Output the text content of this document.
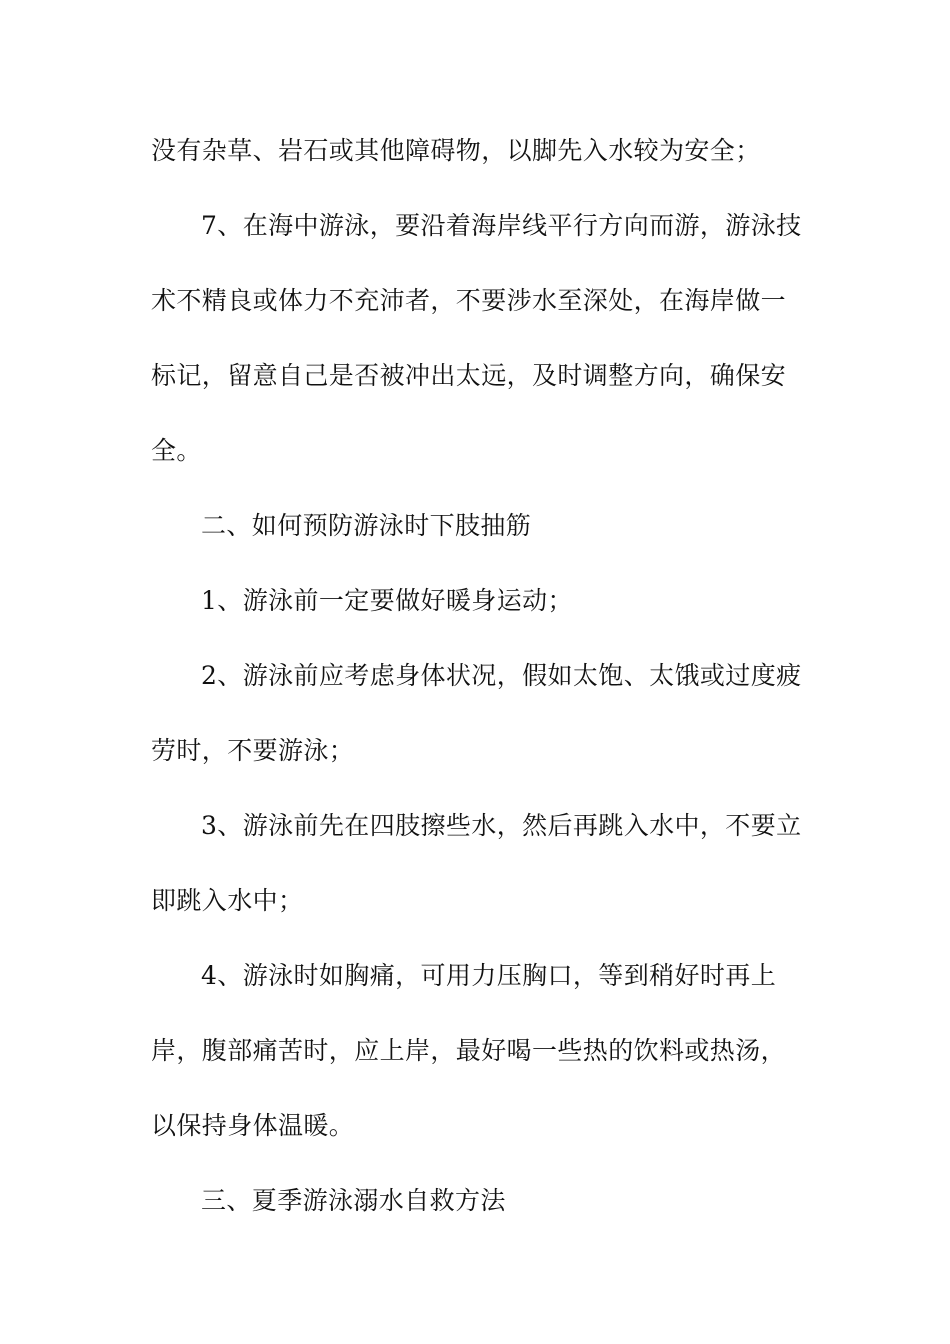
没有杂草、岩石或其他障碍物，以脚先入水较为安全；
7、在海中游泳，要沿着海岸线平行方向而游，游泳技
术不精良或体力不充沛者，不要涉水至深处，在海岸做一
标记，留意自己是否被冲出太远，及时调整方向，确保安
全。
二、如何预防游泳时下肢抽筋
1、游泳前一定要做好暖身运动；
2、游泳前应考虑身体状况，假如太饱、太饿或过度疲
劳时，不要游泳；
3、游泳前先在四肢擦些水，然后再跳入水中，不要立
即跳入水中；
4、游泳时如胸痛，可用力压胸口，等到稍好时再上
岸，腹部痛苦时，应上岸，最好喝一些热的饮料或热汤，
以保持身体温暖。
三、夏季游泳溺水自救方法
